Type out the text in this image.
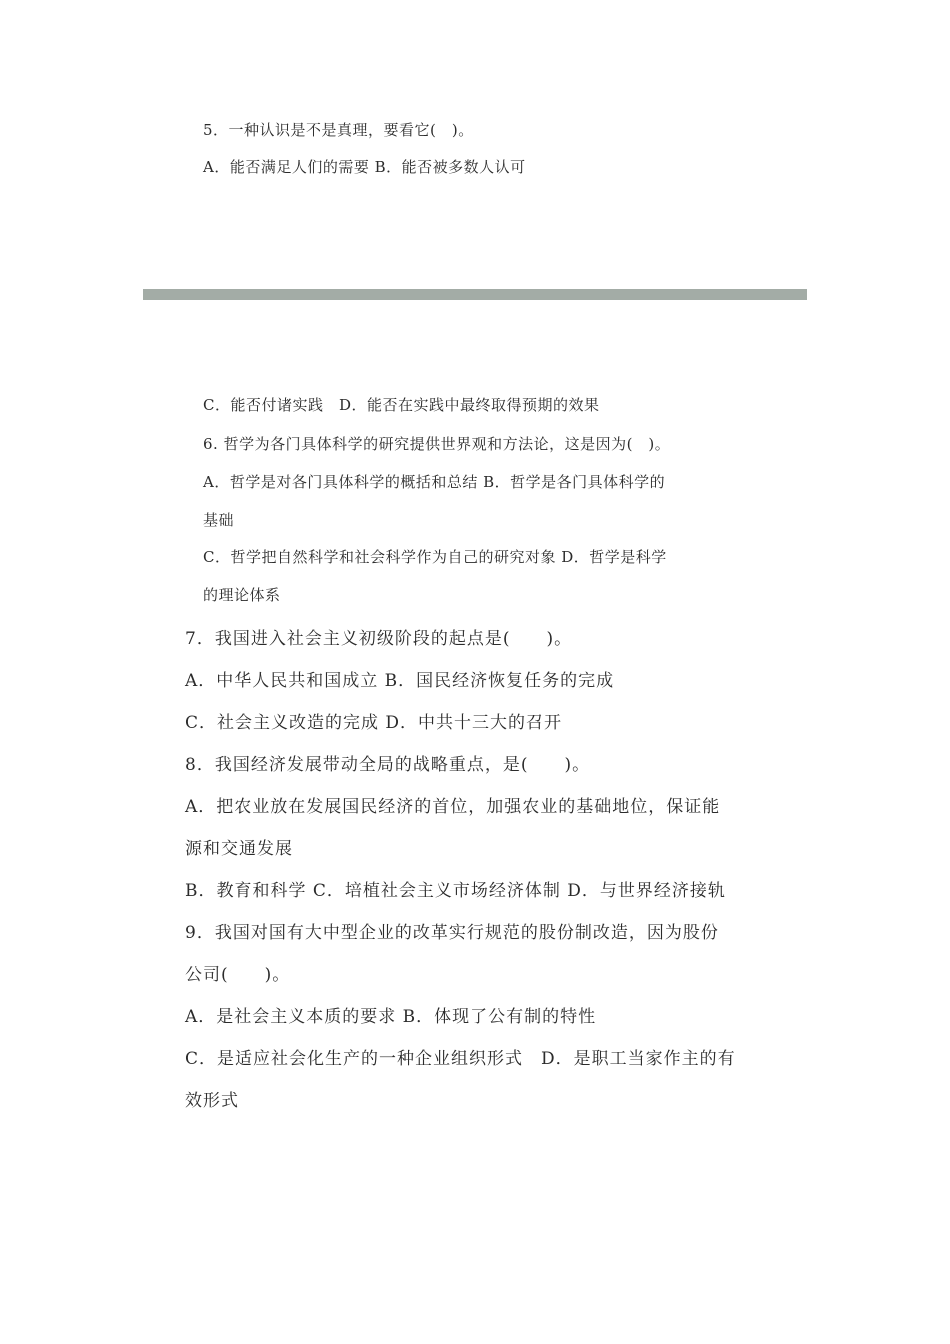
5．一种认识是不是真理，要看它(　)。
A．能否满足人们的需要 B．能否被多数人认可
C．能否付诸实践　D．能否在实践中最终取得预期的效果
6. 哲学为各门具体科学的研究提供世界观和方法论，这是因为(　)。
A．哲学是对各门具体科学的概括和总结 B．哲学是各门具体科学的
基础
C．哲学把自然科学和社会科学作为自己的研究对象 D．哲学是科学
的理论体系
7．我国进入社会主义初级阶段的起点是(　　)。
A．中华人民共和国成立 B．国民经济恢复任务的完成
C．社会主义改造的完成 D．中共十三大的召开
8．我国经济发展带动全局的战略重点，是(　　)。
A．把农业放在发展国民经济的首位，加强农业的基础地位，保证能
源和交通发展
B．教育和科学 C．培植社会主义市场经济体制 D．与世界经济接轨
9．我国对国有大中型企业的改革实行规范的股份制改造，因为股份
公司(　　)。
A．是社会主义本质的要求 B．体现了公有制的特性
C．是适应社会化生产的一种企业组织形式　D．是职工当家作主的有
效形式
